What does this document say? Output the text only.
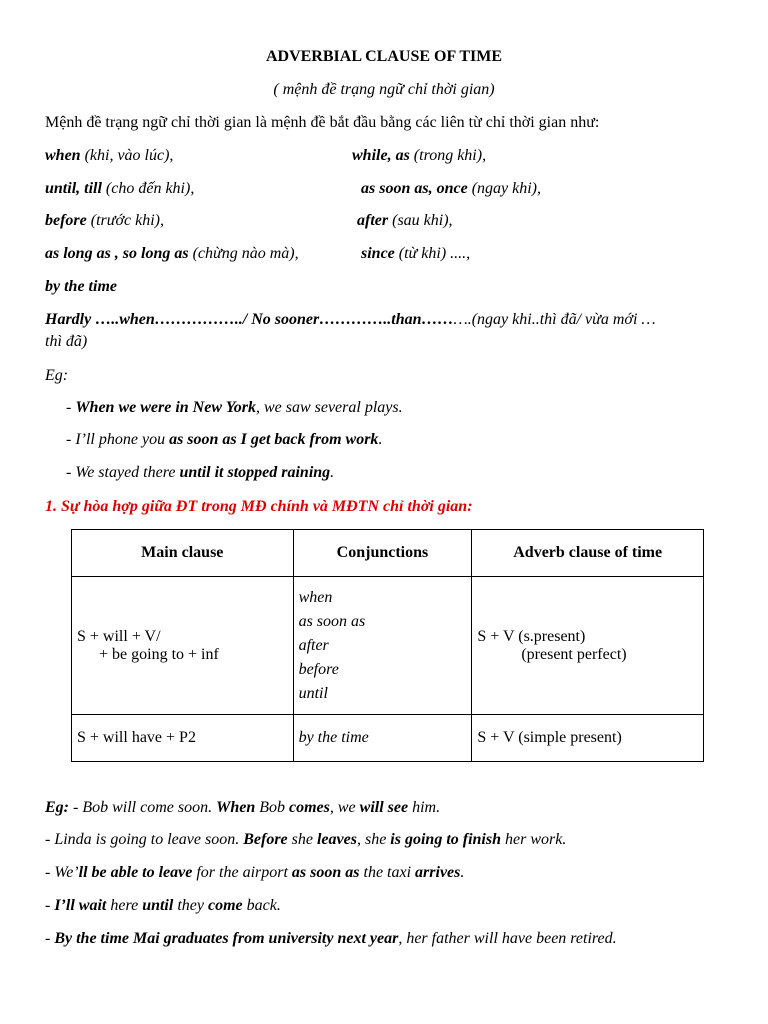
ADVERBIAL CLAUSE OF TIME
( mệnh đề trạng ngữ chỉ thời gian)
Mệnh đề trạng ngữ chỉ thời gian là mệnh đề bắt đầu bằng các liên từ chỉ thời gian như:
when (khi, vào lúc),	while, as (trong khi),
until, till (cho đến khi),	as soon as, once (ngay khi),
before (trước khi),	after (sau khi),
as long as , so long as (chừng nào mà),	since (từ khi) ....,
by the time
Hardly …..when……………../ No sooner…………..than……….(ngay khi..thì đã/ vừa mới …
thì đã)
Eg:
- When we were in New York, we saw several plays.
- I’ll phone you as soon as I get back from work.
- We stayed there until it stopped raining.
1. Sự hòa hợp giữa ĐT trong MĐ chính và MĐTN chỉ thời gian:
Main clause	Conjunctions	Adverb clause of time

S + will + V/
+ be going to + inf	when
as soon as
after
before
until	S + V (s.present)
(present perfect)

S + will have + P2	by the time	S + V (simple present)
Eg: - Bob will come soon. When Bob comes, we will see him.
- Linda is going to leave soon. Before she leaves, she is going to finish her work.
- We’ll be able to leave for the airport as soon as the taxi arrives.
- I’ll wait here until they come back.
- By the time Mai graduates from university next year, her father will have been retired.
